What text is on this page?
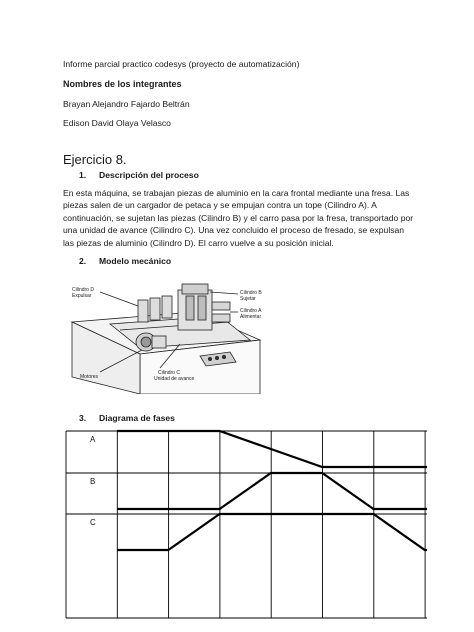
Informe parcial practico codesys (proyecto de automatización)
Nombres de los integrantes
Brayan Alejandro Fajardo Beltrán
Edison David Olaya Velasco
Ejercicio 8.
1. Descripción del proceso
En esta máquina, se trabajan piezas de aluminio en la cara frontal mediante una fresa. Las piezas salen de un cargador de petaca y se empujan contra un tope (Cilindro A). A continuación, se sujetan las piezas (Cilindro B) y el carro pasa por la fresa, transportado por una unidad de avance (Cilindro C). Una vez concluido el proceso de fresado, se expulsan las piezas de aluminio (Cilindro D). El carro vuelve a su posición inicial.
2. Modelo mecánico
Cilindro D
Expulsar	Cilindro B
Sujetar
Cilindro A
Alimentar
Motores
Cilindro C
Unidad de avance
3. Diagrama de fases
A
B
C
